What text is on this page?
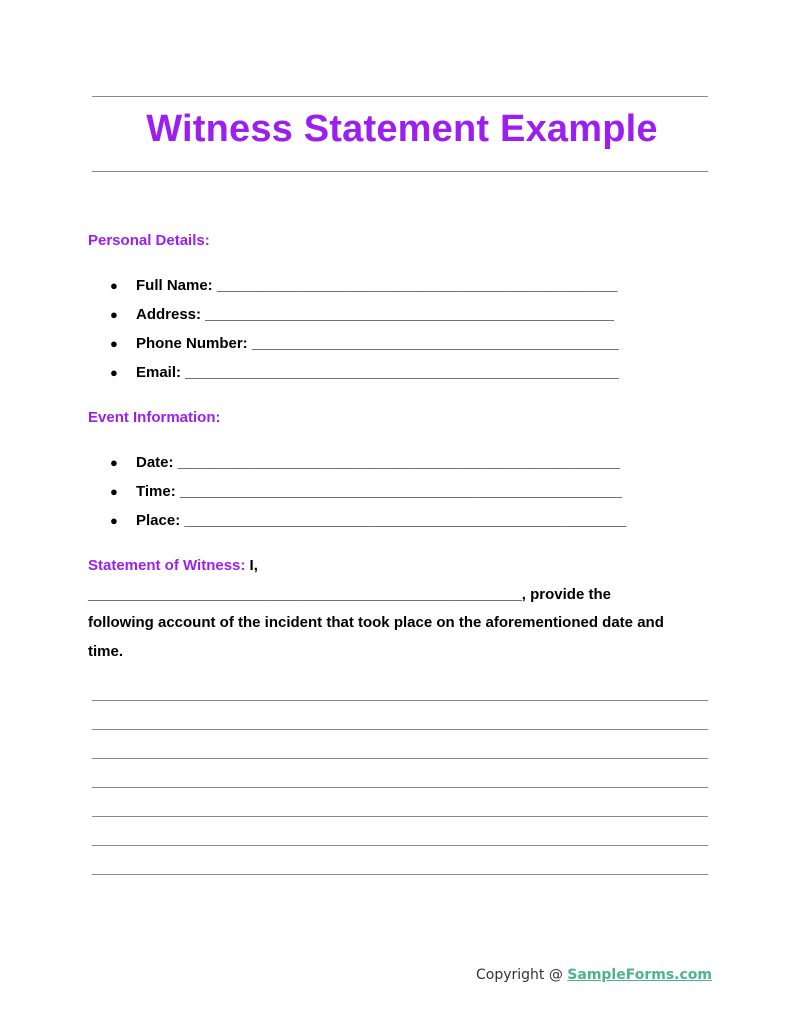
Witness Statement Example
Personal Details:
● Full Name: ________________________________________________
● Address: _________________________________________________
● Phone Number: ____________________________________________
● Email: ____________________________________________________
Event Information:
● Date: _____________________________________________________
● Time: _____________________________________________________
● Place: _____________________________________________________
Statement of Witness: I,
____________________________________________________, provide the
following account of the incident that took place on the aforementioned date and
time.
Copyright @ SampleForms.com
